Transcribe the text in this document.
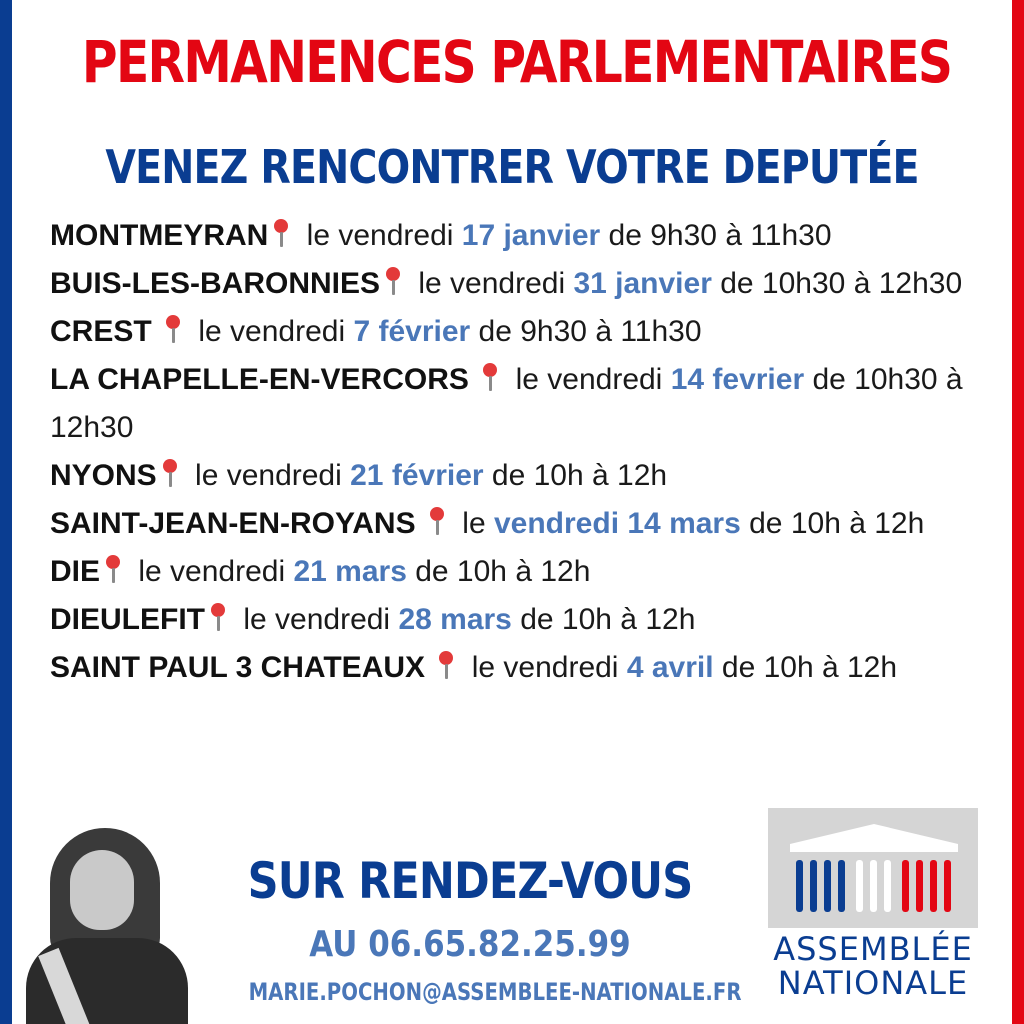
PERMANENCES PARLEMENTAIRES
VENEZ RENCONTRER VOTRE DEPUTÉE

MONTMEYRAN le vendredi 17 janvier de 9h30 à 11h30

BUIS-LES-BARONNIES le vendredi 31 janvier de 10h30 à 12h30

CREST  le vendredi 7 février de 9h30 à 11h30

LA CHAPELLE-EN-VERCORS  le vendredi 14 fevrier de 10h30 à 12h30

NYONS le vendredi 21 février de 10h à 12h

SAINT-JEAN-EN-ROYANS  le vendredi 14 mars de 10h à 12h

DIE le vendredi 21 mars de 10h à 12h

DIEULEFIT le vendredi 28 mars de 10h à 12h

SAINT PAUL 3 CHATEAUX  le vendredi 4 avril de 10h à 12h

SUR RENDEZ-VOUS
AU 06.65.82.25.99
MARIE.POCHON@ASSEMBLEE-NATIONALE.FR
ASSEMBLÉE
NATIONALE
